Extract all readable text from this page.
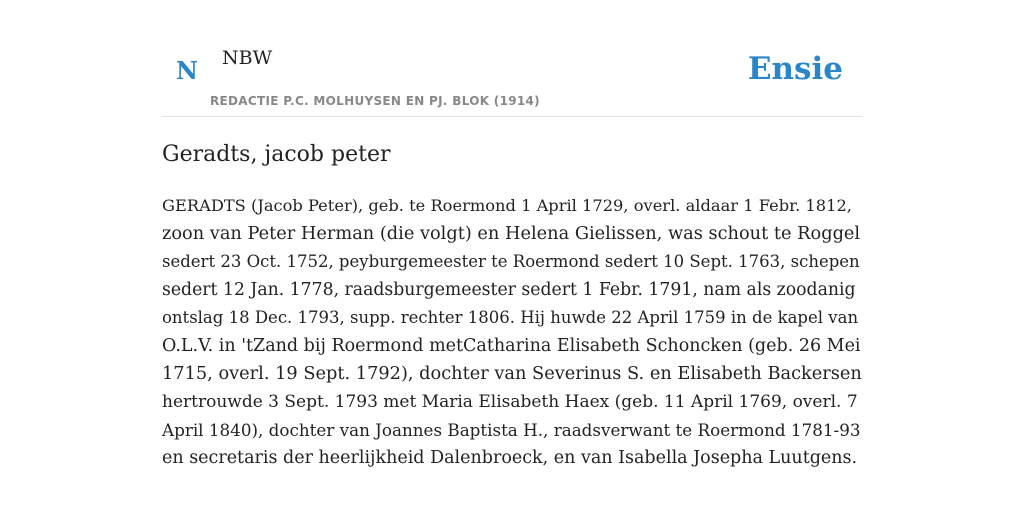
N NBW
REDACTIE P.C. MOLHUYSEN EN PJ. BLOK (1914)
Ensie
Geradts, jacob peter
GERADTS (Jacob Peter), geb. te Roermond 1 April 1729, overl. aldaar 1 Febr. 1812,
zoon van Peter Herman (die volgt) en Helena Gielissen, was schout te Roggel
sedert 23 Oct. 1752, peyburgemeester te Roermond sedert 10 Sept. 1763, schepen
sedert 12 Jan. 1778, raadsburgemeester sedert 1 Febr. 1791, nam als zoodanig
ontslag 18 Dec. 1793, supp. rechter 1806. Hij huwde 22 April 1759 in de kapel van
O.L.V. in 'tZand bij Roermond metCatharina Elisabeth Schoncken (geb. 26 Mei
1715, overl. 19 Sept. 1792), dochter van Severinus S. en Elisabeth Backersen
hertrouwde 3 Sept. 1793 met Maria Elisabeth Haex (geb. 11 April 1769, overl. 7
April 1840), dochter van Joannes Baptista H., raadsverwant te Roermond 1781-93
en secretaris der heerlijkheid Dalenbroeck, en van Isabella Josepha Luutgens.
